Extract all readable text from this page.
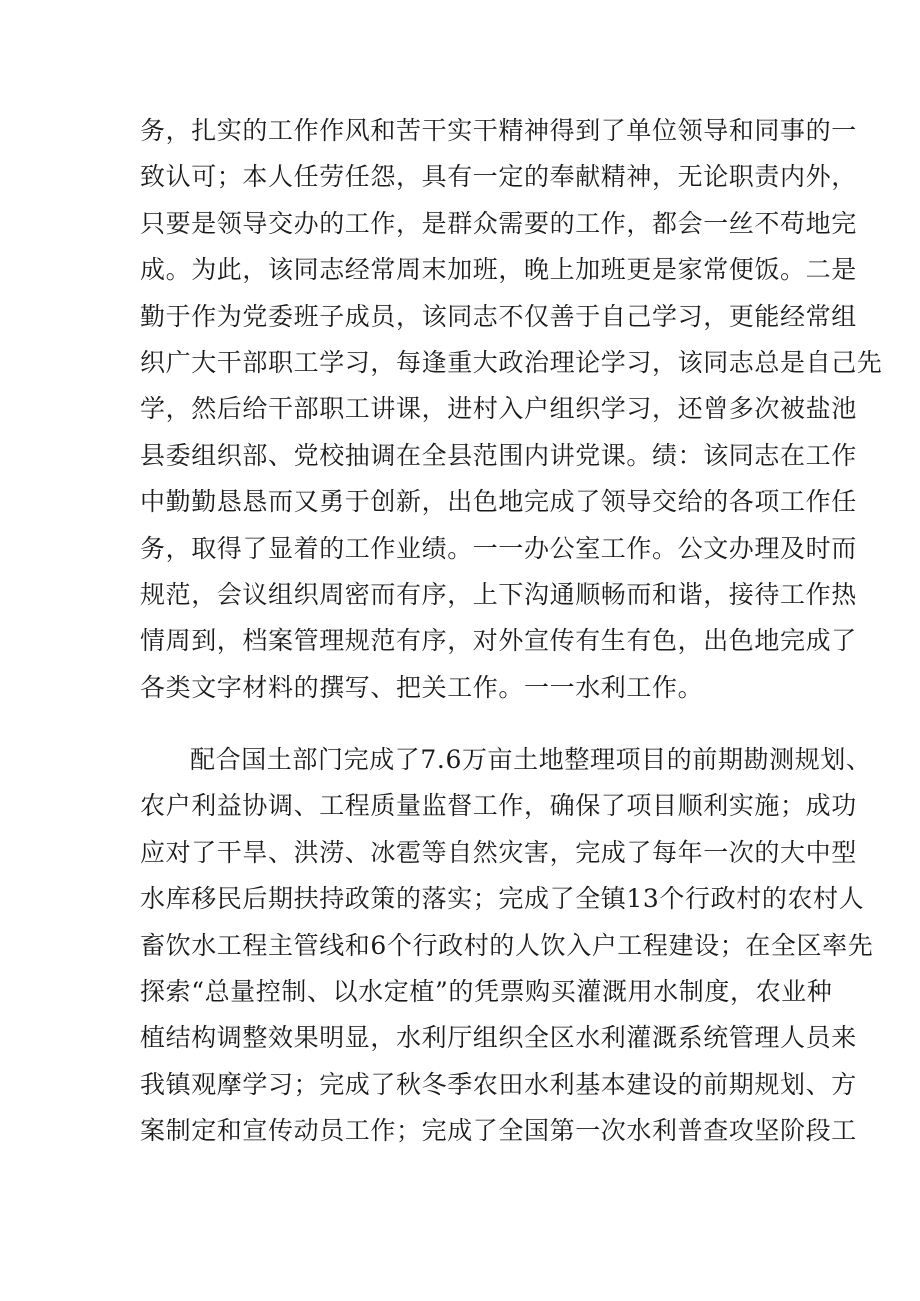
务，扎实的工作作风和苦干实干精神得到了单位领导和同事的一
致认可；本人任劳任怨，具有一定的奉献精神，无论职责内外，
只要是领导交办的工作，是群众需要的工作，都会一丝不苟地完
成。为此，该同志经常周末加班，晚上加班更是家常便饭。二是
勤于作为党委班子成员，该同志不仅善于自己学习，更能经常组
织广大干部职工学习，每逢重大政治理论学习，该同志总是自己先
学，然后给干部职工讲课，进村入户组织学习，还曾多次被盐池
县委组织部、党校抽调在全县范围内讲党课。绩：该同志在工作
中勤勤恳恳而又勇于创新，出色地完成了领导交给的各项工作任
务，取得了显着的工作业绩。一一办公室工作。公文办理及时而
规范，会议组织周密而有序，上下沟通顺畅而和谐，接待工作热
情周到，档案管理规范有序，对外宣传有生有色，出色地完成了
各类文字材料的撰写、把关工作。一一水利工作。
配合国土部门完成了7.6万亩土地整理项目的前期勘测规划、
农户利益协调、工程质量监督工作，确保了项目顺利实施；成功
应对了干旱、洪涝、冰雹等自然灾害，完成了每年一次的大中型
水库移民后期扶持政策的落实；完成了全镇13个行政村的农村人
畜饮水工程主管线和6个行政村的人饮入户工程建设；在全区率先
探索“总量控制、以水定植”的凭票购买灌溉用水制度，农业种
植结构调整效果明显，水利厅组织全区水利灌溉系统管理人员来
我镇观摩学习；完成了秋冬季农田水利基本建设的前期规划、方
案制定和宣传动员工作；完成了全国第一次水利普查攻坚阶段工
